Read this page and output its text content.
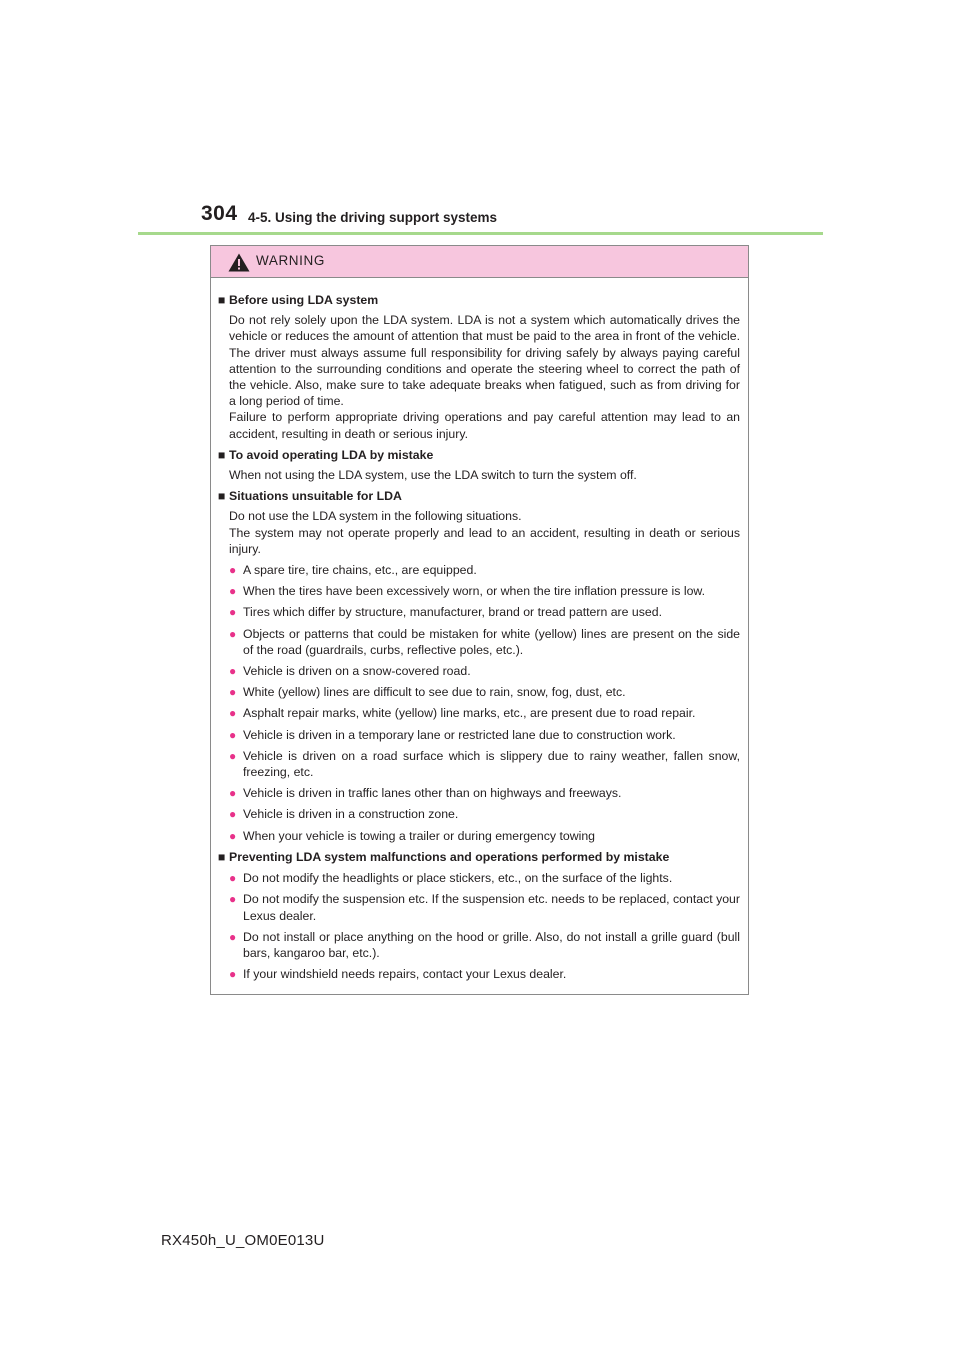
304 4-5. Using the driving support systems
WARNING
■ Before using LDA system
Do not rely solely upon the LDA system. LDA is not a system which automatically drives the vehicle or reduces the amount of attention that must be paid to the area in front of the vehicle. The driver must always assume full responsibility for driving safely by always paying careful attention to the surrounding conditions and operate the steering wheel to correct the path of the vehicle. Also, make sure to take adequate breaks when fatigued, such as from driving for a long period of time.
Failure to perform appropriate driving operations and pay careful attention may lead to an accident, resulting in death or serious injury.
■ To avoid operating LDA by mistake
When not using the LDA system, use the LDA switch to turn the system off.
■ Situations unsuitable for LDA
Do not use the LDA system in the following situations.
The system may not operate properly and lead to an accident, resulting in death or serious injury.
● A spare tire, tire chains, etc., are equipped.
● When the tires have been excessively worn, or when the tire inflation pressure is low.
● Tires which differ by structure, manufacturer, brand or tread pattern are used.
● Objects or patterns that could be mistaken for white (yellow) lines are present on the side of the road (guardrails, curbs, reflective poles, etc.).
● Vehicle is driven on a snow-covered road.
● White (yellow) lines are difficult to see due to rain, snow, fog, dust, etc.
● Asphalt repair marks, white (yellow) line marks, etc., are present due to road repair.
● Vehicle is driven in a temporary lane or restricted lane due to construction work.
● Vehicle is driven on a road surface which is slippery due to rainy weather, fallen snow, freezing, etc.
● Vehicle is driven in traffic lanes other than on highways and freeways.
● Vehicle is driven in a construction zone.
● When your vehicle is towing a trailer or during emergency towing
■ Preventing LDA system malfunctions and operations performed by mistake
● Do not modify the headlights or place stickers, etc., on the surface of the lights.
● Do not modify the suspension etc. If the suspension etc. needs to be replaced, contact your Lexus dealer.
● Do not install or place anything on the hood or grille. Also, do not install a grille guard (bull bars, kangaroo bar, etc.).
● If your windshield needs repairs, contact your Lexus dealer.
RX450h_U_OM0E013U
